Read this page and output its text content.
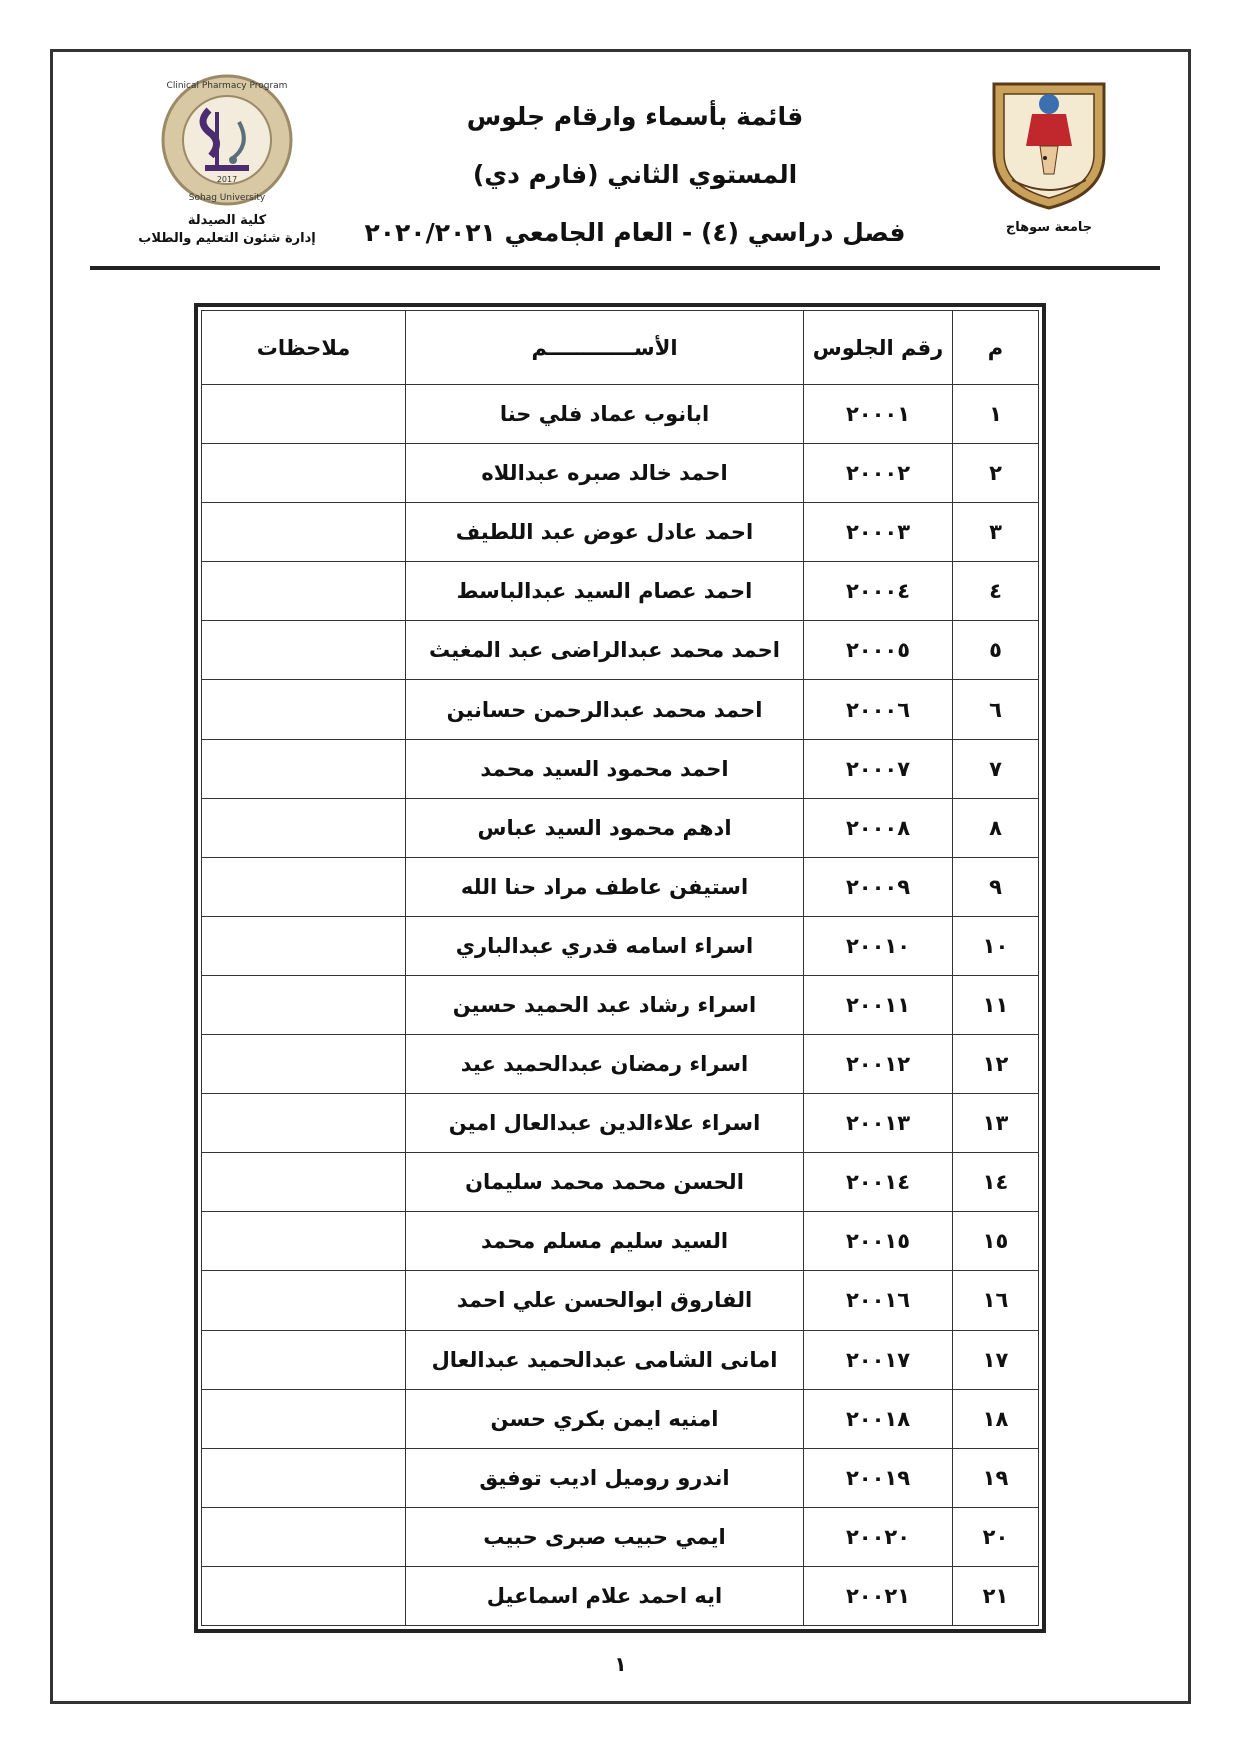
جامعة سوهاج
قائمة بأسماء وارقام جلوس
المستوي الثاني (فارم دي)
فصل دراسي (٤) - العام الجامعي ٢٠٢٠/٢٠٢١
2017
Clinical Pharmacy Program
Sohag University
كلية الصيدلة
إدارة شئون التعليم والطلاب
م	رقم الجلوس	الأســــــــــــم	ملاحظات
١	٢٠٠٠١	ابانوب عماد فلي حنا	
٢	٢٠٠٠٢	احمد خالد صبره عبداللاه	
٣	٢٠٠٠٣	احمد عادل عوض عبد اللطيف	
٤	٢٠٠٠٤	احمد عصام السيد عبدالباسط	
٥	٢٠٠٠٥	احمد محمد عبدالراضى عبد المغيث	
٦	٢٠٠٠٦	احمد محمد عبدالرحمن حسانين	
٧	٢٠٠٠٧	احمد محمود السيد محمد	
٨	٢٠٠٠٨	ادهم محمود السيد عباس	
٩	٢٠٠٠٩	استيفن عاطف مراد حنا الله	
١٠	٢٠٠١٠	اسراء اسامه قدري عبدالباري	
١١	٢٠٠١١	اسراء رشاد عبد الحميد حسين	
١٢	٢٠٠١٢	اسراء رمضان عبدالحميد عيد	
١٣	٢٠٠١٣	اسراء علاءالدين عبدالعال امين	
١٤	٢٠٠١٤	الحسن محمد محمد سليمان	
١٥	٢٠٠١٥	السيد سليم مسلم محمد	
١٦	٢٠٠١٦	الفاروق ابوالحسن علي احمد	
١٧	٢٠٠١٧	امانى الشامى عبدالحميد عبدالعال	
١٨	٢٠٠١٨	امنيه ايمن بكري حسن	
١٩	٢٠٠١٩	اندرو روميل اديب توفيق	
٢٠	٢٠٠٢٠	ايمي حبيب صبرى حبيب	
٢١	٢٠٠٢١	ايه احمد علام اسماعيل	
١
